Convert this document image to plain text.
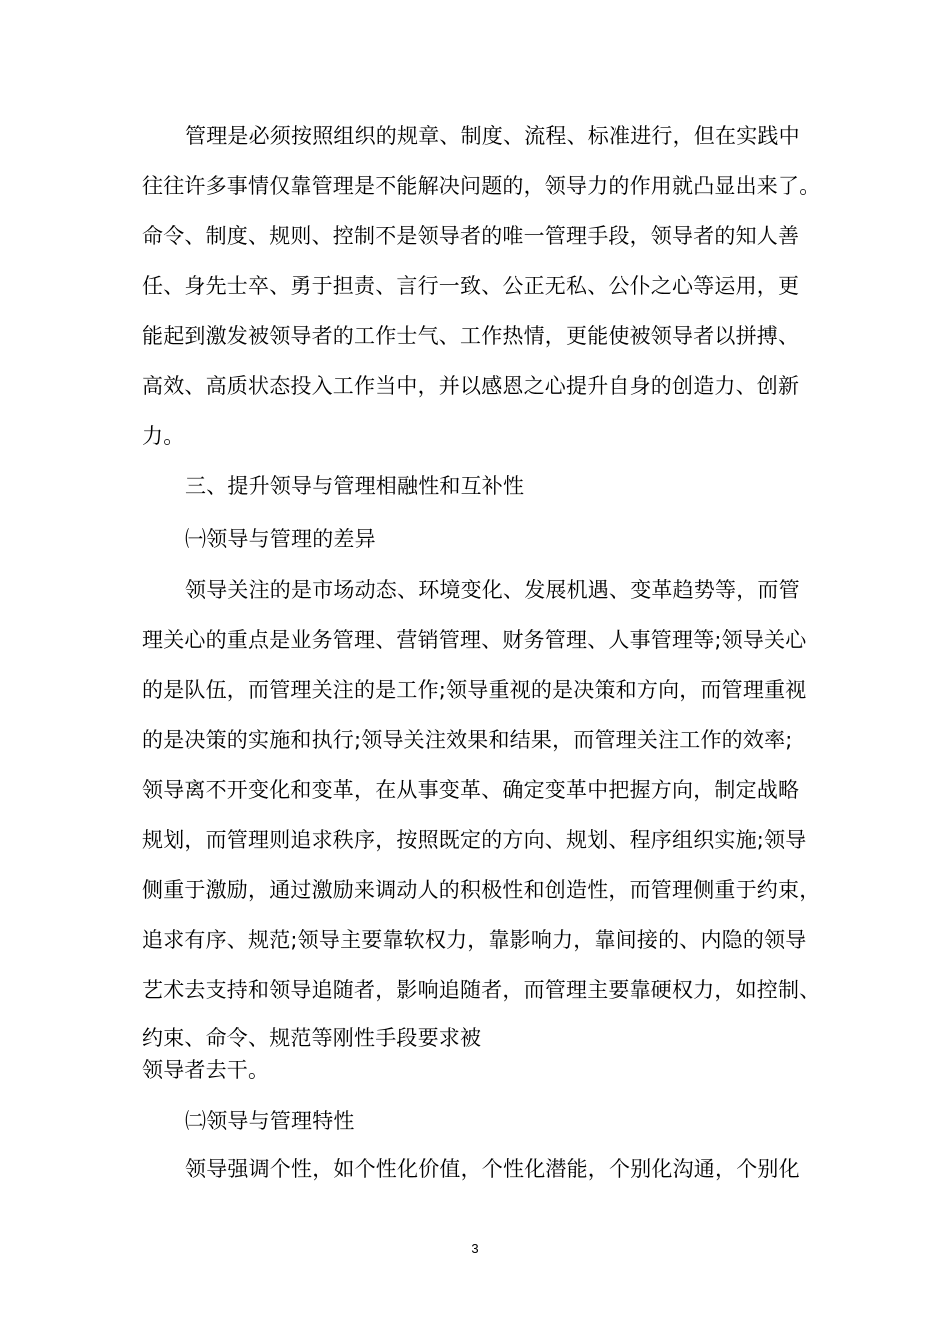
管理是必须按照组织的规章、制度、流程、标准进行，但在实践中
往往许多事情仅靠管理是不能解决问题的，领导力的作用就凸显出来了。
命令、制度、规则、控制不是领导者的唯一管理手段，领导者的知人善
任、身先士卒、勇于担责、言行一致、公正无私、公仆之心等运用，更
能起到激发被领导者的工作士气、工作热情，更能使被领导者以拼搏、
高效、高质状态投入工作当中，并以感恩之心提升自身的创造力、创新
力。
三、提升领导与管理相融性和互补性
㈠领导与管理的差异
领导关注的是市场动态、环境变化、发展机遇、变革趋势等，而管
理关心的重点是业务管理、营销管理、财务管理、人事管理等;领导关心
的是队伍，而管理关注的是工作;领导重视的是决策和方向，而管理重视
的是决策的实施和执行;领导关注效果和结果，而管理关注工作的效率;
领导离不开变化和变革，在从事变革、确定变革中把握方向，制定战略
规划，而管理则追求秩序，按照既定的方向、规划、程序组织实施;领导
侧重于激励，通过激励来调动人的积极性和创造性，而管理侧重于约束，
追求有序、规范;领导主要靠软权力，靠影响力，靠间接的、内隐的领导
艺术去支持和领导追随者，影响追随者，而管理主要靠硬权力，如控制、
约束、命令、规范等刚性手段要求被
领导者去干。
㈡领导与管理特性
领导强调个性，如个性化价值，个性化潜能，个别化沟通，个别化
3
